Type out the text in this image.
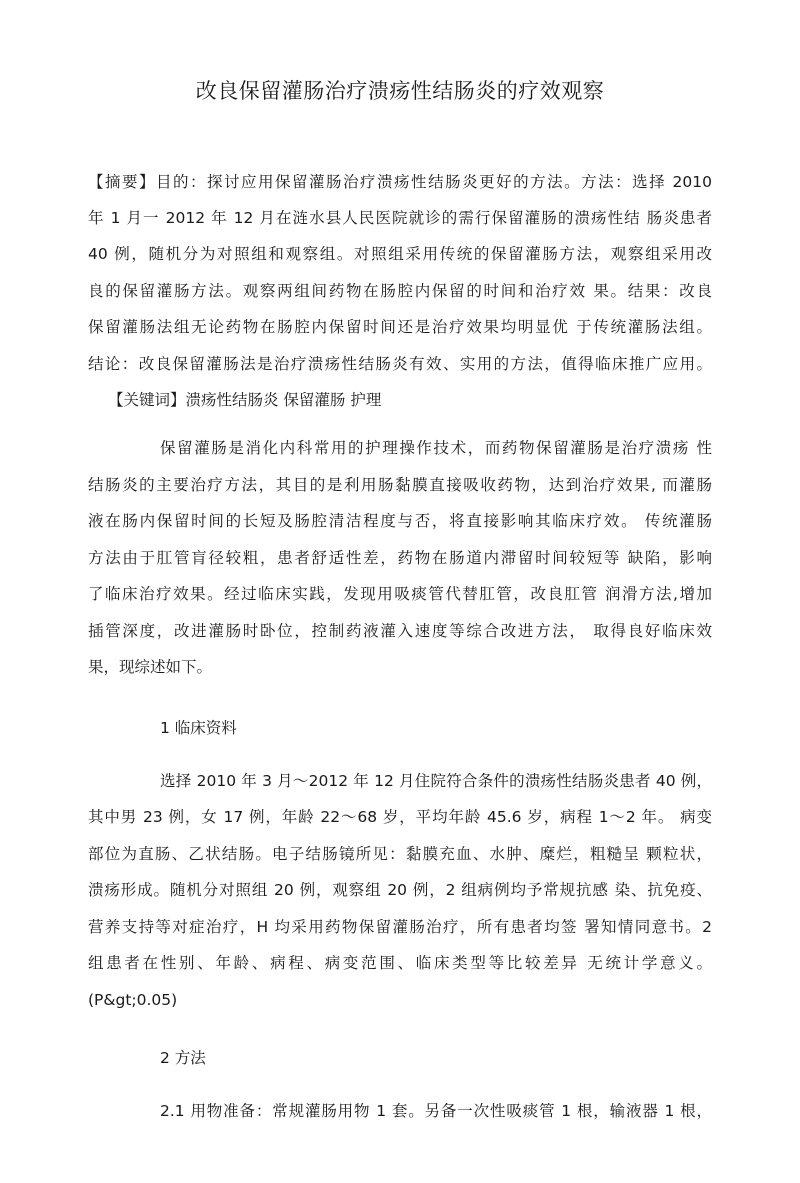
改良保留灌肠治疗溃疡性结肠炎的疗效观察
【摘要】目的：探讨应用保留灌肠治疗溃疡性结肠炎更好的方法。方法：选择 2010
年 1 月一 2012 年 12 月在涟水县人民医院就诊的需行保留灌肠的溃疡性结 肠炎患者
40 例，随机分为对照组和观察组。对照组采用传统的保留灌肠方法，观察组采用改
良的保留灌肠方法。观察两组间药物在肠腔内保留的时间和治疗效 果。结果：改良
保留灌肠法组无论药物在肠腔内保留时间还是治疗效果均明显优 于传统灌肠法组。
结论：改良保留灌肠法是治疗溃疡性结肠炎有效、实用的方法，值得临床推广应用。
【关键词】溃疡性结肠炎 保留灌肠 护理
保留灌肠是消化内科常用的护理操作技术，而药物保留灌肠是治疗溃疡 性
结肠炎的主要治疗方法，其目的是利用肠黏膜直接吸收药物，达到治疗效果, 而灌肠
液在肠内保留时间的长短及肠腔清洁程度与否，将直接影响其临床疗效。 传统灌肠
方法由于肛管肓径较粗，患者舒适性差，药物在肠道内滞留时间较短等 缺陷，影响
了临床治疗效果。经过临床实践，发现用吸痰管代替肛管，改良肛管 润滑方法,增加
插管深度，改进灌肠时卧位，控制药液灌入速度等综合改进方法， 取得良好临床效
果，现综述如下。
1 临床资料
选择 2010 年 3 月～2012 年 12 月住院符合条件的溃疡性结肠炎患者 40 例，
其中男 23 例，女 17 例，年龄 22～68 岁，平均年龄 45.6 岁，病程 1～2 年。 病变
部位为直肠、乙状结肠。电子结肠镜所见：黏膜充血、水肿、糜烂，粗糙呈 颗粒状，
溃疡形成。随机分对照组 20 例，观察组 20 例，2 组病例均予常规抗感 染、抗免疫、
营养支持等对症治疗，H 均采用药物保留灌肠治疗，所有患者均签 署知情同意书。2
组患者在性别、年龄、病程、病变范围、临床类型等比较差异 无统计学意义。
(P&gt;0.05)
2 方法
2.1 用物准备：常规灌肠用物 1 套。另备一次性吸痰管 1 根，输液器 1 根，
